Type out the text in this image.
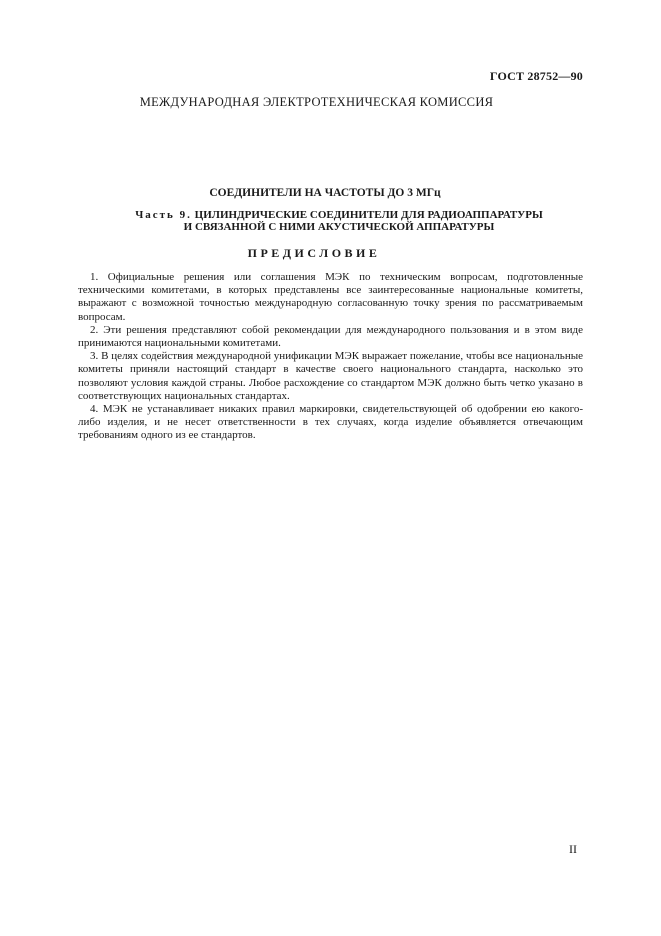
ГОСТ 28752—90
МЕЖДУНАРОДНАЯ ЭЛЕКТРОТЕХНИЧЕСКАЯ КОМИССИЯ
СОЕДИНИТЕЛИ НА ЧАСТОТЫ ДО 3 МГц
Часть 9. ЦИЛИНДРИЧЕСКИЕ СОЕДИНИТЕЛИ ДЛЯ РАДИОАППАРАТУРЫ
И СВЯЗАННОЙ С НИМИ АКУСТИЧЕСКОЙ АППАРАТУРЫ
ПРЕДИСЛОВИЕ

1. Официальные решения или соглашения МЭК по техническим вопросам, подготовленные техническими комитетами, в которых представлены все заинтересованные национальные комитеты, выражают с возможной точностью международную согласованную точку зрения по рассматриваемым вопросам.

2. Эти решения представляют собой рекомендации для международного пользования и в этом виде принимаются национальными комитетами.

3. В целях содействия международной унификации МЭК выражает пожелание, чтобы все национальные комитеты приняли настоящий стандарт в качестве своего национального стандарта, насколько это позволяют условия каждой страны. Любое расхождение со стандартом МЭК должно быть четко указано в соответствующих национальных стандартах.

4. МЭК не устанавливает никаких правил маркировки, свидетельствующей об одобрении ею какого-либо изделия, и не несет ответственности в тех случаях, когда изделие объявляется отвечающим требованиям одного из ее стандартов.

II
